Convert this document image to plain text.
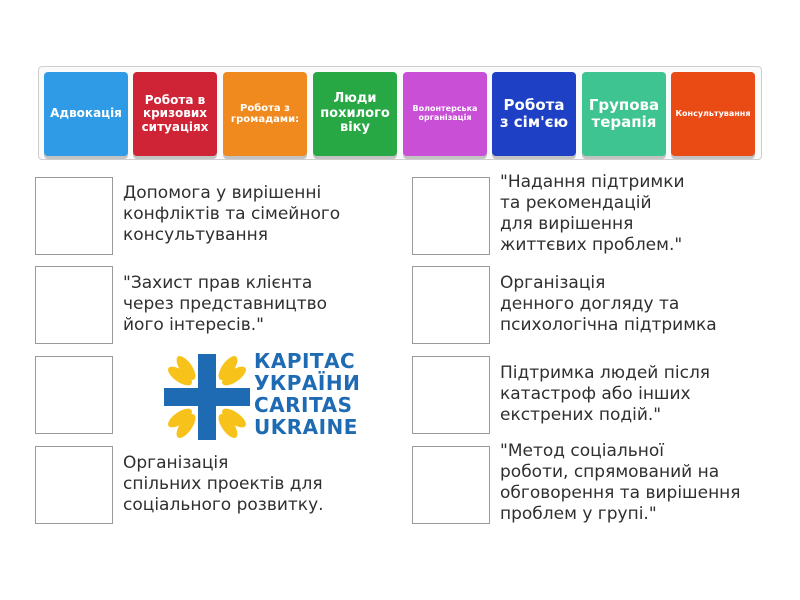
Адвокація
Робота в
кризових
ситуаціях
Робота з
громадами:
Люди
похилого
віку
Волонтерська
організація
Робота
з сім'єю
Групова
терапія	Консультування
Допомога у вирішенні
конфліктів та сімейного
консультування
"Захист прав клієнта
через представництво
його інтересів."
КАРІТАС
УКРАЇНИ
CARITAS
UKRAINE
Організація
спільних проектів для
соціального розвитку.
"Надання підтримки
та рекомендацій
для вирішення
життєвих проблем."
Організація
денного догляду та
психологічна підтримка
Підтримка людей після
катастроф або інших
екстрених подій."
"Метод соціальної
роботи, спрямований на
обговорення та вирішення
проблем у групі."
